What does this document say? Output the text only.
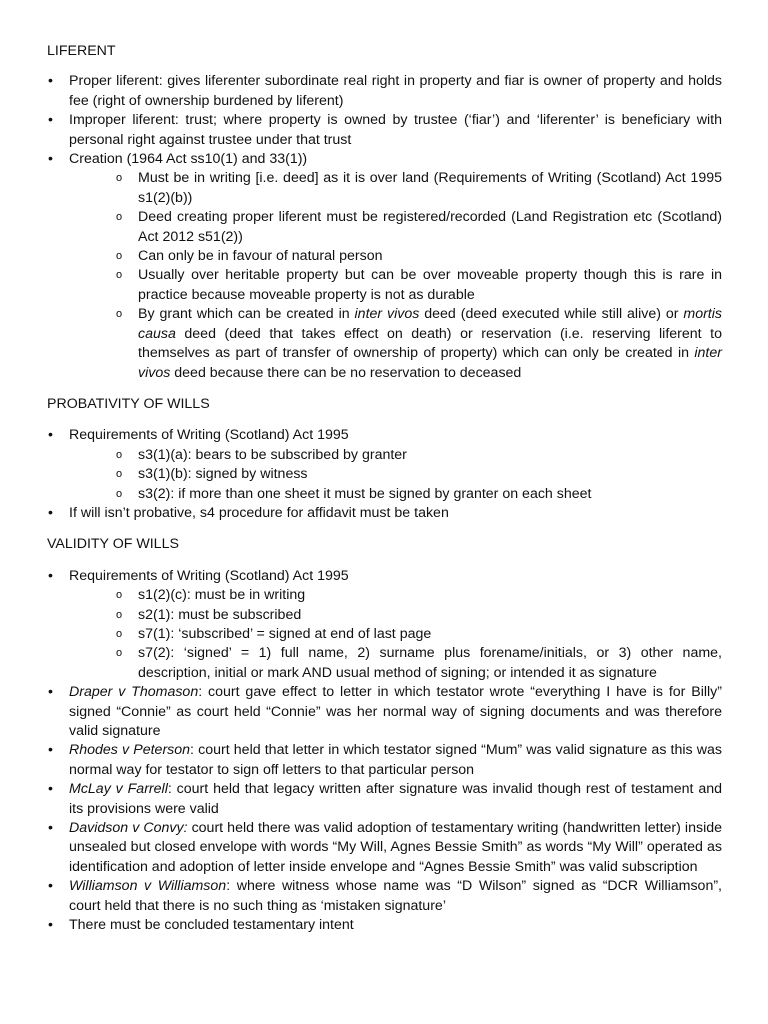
LIFERENT
• Proper liferent: gives liferenter subordinate real right in property and fiar is owner of property and holds fee (right of ownership burdened by liferent)
• Improper liferent: trust; where property is owned by trustee (‘fiar’) and ‘liferenter’ is beneficiary with personal right against trustee under that trust
• Creation (1964 Act ss10(1) and 33(1))
o Must be in writing [i.e. deed] as it is over land (Requirements of Writing (Scotland) Act 1995 s1(2)(b))
o Deed creating proper liferent must be registered/recorded (Land Registration etc (Scotland) Act 2012 s51(2))
o Can only be in favour of natural person
o Usually over heritable property but can be over moveable property though this is rare in practice because moveable property is not as durable
o By grant which can be created in inter vivos deed (deed executed while still alive) or mortis causa deed (deed that takes effect on death) or reservation (i.e. reserving liferent to themselves as part of transfer of ownership of property) which can only be created in inter vivos deed because there can be no reservation to deceased
PROBATIVITY OF WILLS
• Requirements of Writing (Scotland) Act 1995
o s3(1)(a): bears to be subscribed by granter
o s3(1)(b): signed by witness
o s3(2): if more than one sheet it must be signed by granter on each sheet
• If will isn’t probative, s4 procedure for affidavit must be taken
VALIDITY OF WILLS
• Requirements of Writing (Scotland) Act 1995
o s1(2)(c): must be in writing
o s2(1): must be subscribed
o s7(1): ‘subscribed’ = signed at end of last page
o s7(2): ‘signed’ = 1) full name, 2) surname plus forename/initials, or 3) other name, description, initial or mark AND usual method of signing; or intended it as signature
• Draper v Thomason: court gave effect to letter in which testator wrote “everything I have is for Billy” signed “Connie” as court held “Connie” was her normal way of signing documents and was therefore valid signature
• Rhodes v Peterson: court held that letter in which testator signed “Mum” was valid signature as this was normal way for testator to sign off letters to that particular person
• McLay v Farrell: court held that legacy written after signature was invalid though rest of testament and its provisions were valid
• Davidson v Convy: court held there was valid adoption of testamentary writing (handwritten letter) inside unsealed but closed envelope with words “My Will, Agnes Bessie Smith” as words “My Will” operated as identification and adoption of letter inside envelope and “Agnes Bessie Smith” was valid subscription
• Williamson v Williamson: where witness whose name was “D Wilson” signed as “DCR Williamson”, court held that there is no such thing as ‘mistaken signature’
• There must be concluded testamentary intent
